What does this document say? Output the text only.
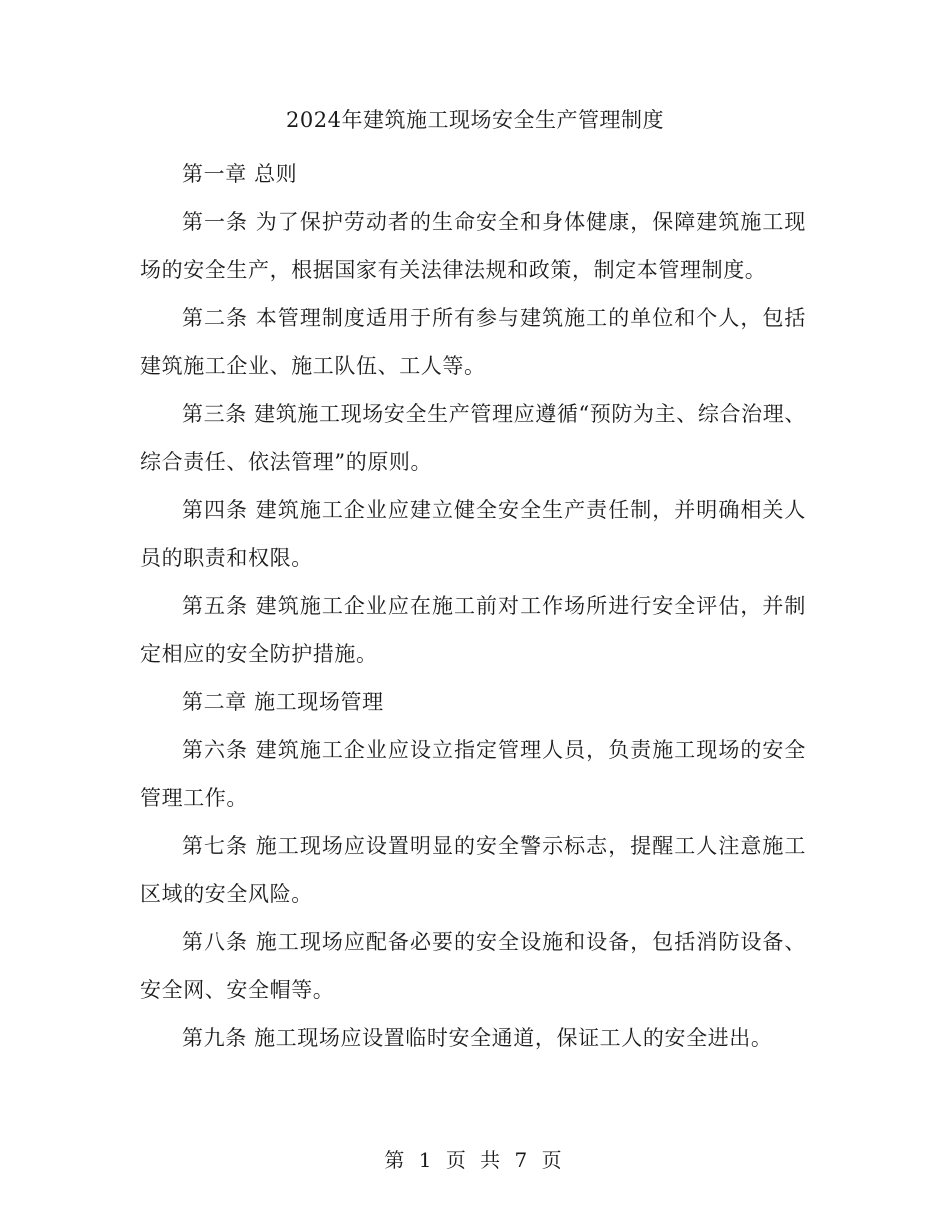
2024年建筑施工现场安全生产管理制度

第一章 总则

第一条 为了保护劳动者的生命安全和身体健康，保障建筑施工现场的安全生产，根据国家有关法律法规和政策，制定本管理制度。

第二条 本管理制度适用于所有参与建筑施工的单位和个人，包括建筑施工企业、施工队伍、工人等。

第三条 建筑施工现场安全生产管理应遵循“预防为主、综合治理、综合责任、依法管理”的原则。

第四条 建筑施工企业应建立健全安全生产责任制，并明确相关人员的职责和权限。

第五条 建筑施工企业应在施工前对工作场所进行安全评估，并制定相应的安全防护措施。

第二章 施工现场管理

第六条 建筑施工企业应设立指定管理人员，负责施工现场的安全管理工作。

第七条 施工现场应设置明显的安全警示标志，提醒工人注意施工区域的安全风险。

第八条 施工现场应配备必要的安全设施和设备，包括消防设备、安全网、安全帽等。

第九条 施工现场应设置临时安全通道，保证工人的安全进出。

第 1 页 共 7 页
